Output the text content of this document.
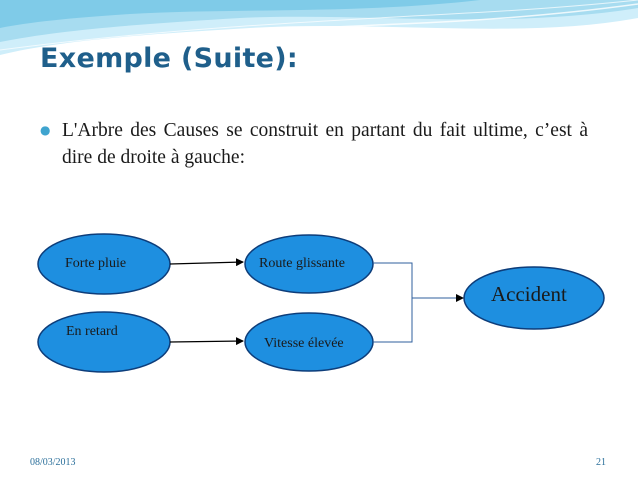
Exemple (Suite):
● L'Arbre des Causes se construit en partant du fait ultime, c’est à dire de droite à gauche:
Forte pluie
En retard
Route glissante
Vitesse élevée
Accident
08/03/2013	21
